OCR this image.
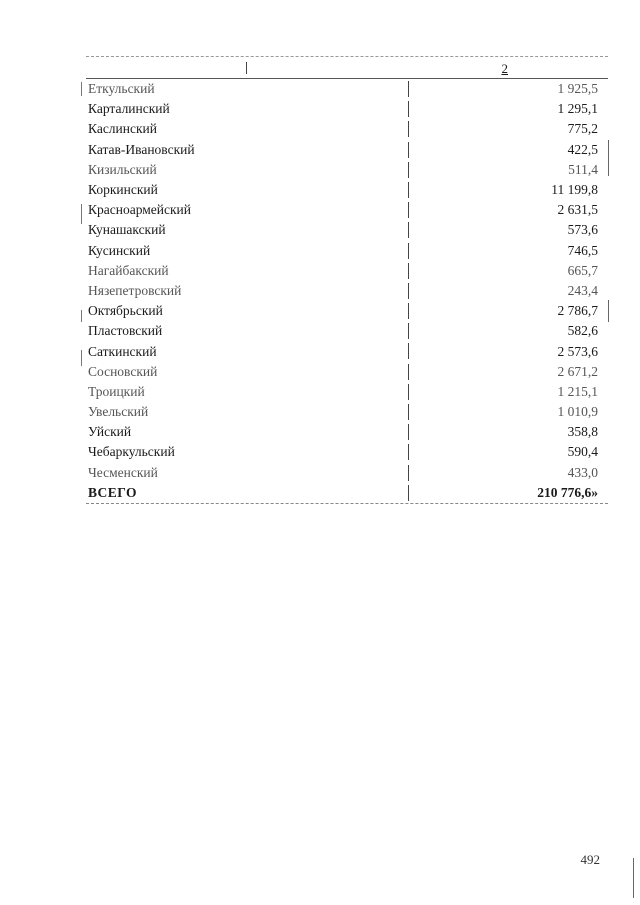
2
Еткульский	1 925,5
Карталинский	1 295,1
Каслинский	775,2
Катав-Ивановский	422,5
Кизильский	511,4
Коркинский	11 199,8
Красноармейский	2 631,5
Кунашакский	573,6
Кусинский	746,5
Нагайбакский	665,7
Нязепетровский	243,4
Октябрьский	2 786,7
Пластовский	582,6
Саткинский	2 573,6
Сосновский	2 671,2
Троицкий	1 215,1
Увельский	1 010,9
Уйский	358,8
Чебаркульский	590,4
Чесменский	433,0
ВСЕГО	210 776,6»
492
